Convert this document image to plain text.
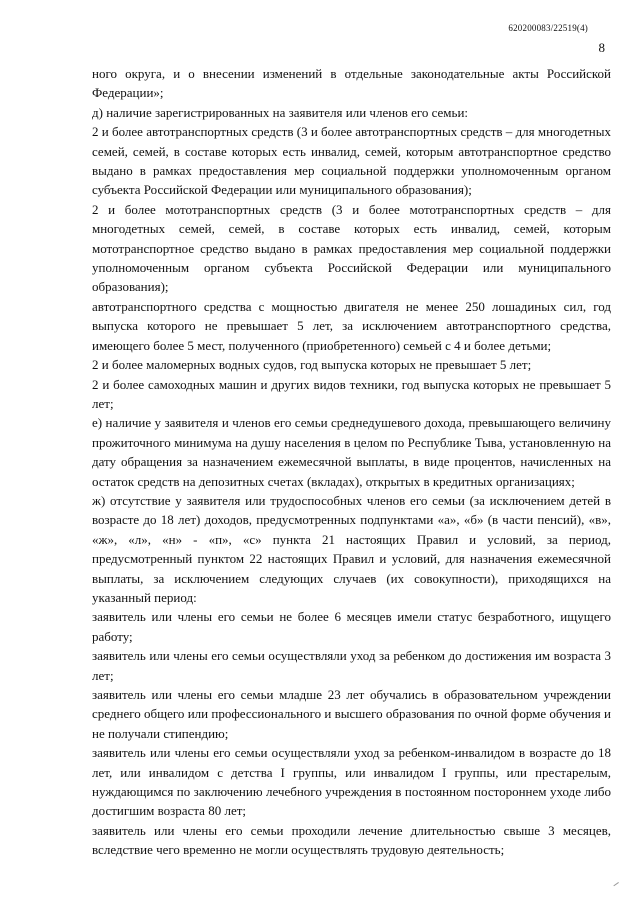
620200083/22519(4)
8

ного округа, и о внесении изменений в отдельные законодательные акты Российской Федерации»;

д) наличие зарегистрированных на заявителя или членов его семьи:

2 и более автотранспортных средств (3 и более автотранспортных средств – для многодетных семей, семей, в составе которых есть инвалид, семей, которым автотранспортное средство выдано в рамках предоставления мер социальной поддержки уполномоченным органом субъекта Российской Федерации или муниципального образования);

2 и более мототранспортных средств (3 и более мототранспортных средств – для многодетных семей, семей, в составе которых есть инвалид, семей, которым мототранспортное средство выдано в рамках предоставления мер социальной поддержки уполномоченным органом субъекта Российской Федерации или муниципального образования);

автотранспортного средства с мощностью двигателя не менее 250 лошадиных сил, год выпуска которого не превышает 5 лет, за исключением автотранспортного средства, имеющего более 5 мест, полученного (приобретенного) семьей с 4 и более детьми;

2 и более маломерных водных судов, год выпуска которых не превышает 5 лет;

2 и более самоходных машин и других видов техники, год выпуска которых не превышает 5 лет;

е) наличие у заявителя и членов его семьи среднедушевого дохода, превышающего величину прожиточного минимума на душу населения в целом по Республике Тыва, установленную на дату обращения за назначением ежемесячной выплаты, в виде процентов, начисленных на остаток средств на депозитных счетах (вкладах), открытых в кредитных организациях;

ж) отсутствие у заявителя или трудоспособных членов его семьи (за исключением детей в возрасте до 18 лет) доходов, предусмотренных подпунктами «а», «б» (в части пенсий), «в», «ж», «л», «н» - «п», «с» пункта 21 настоящих Правил и условий, за период, предусмотренный пунктом 22 настоящих Правил и условий, для назначения ежемесячной выплаты, за исключением следующих случаев (их совокупности), приходящихся на указанный период:

заявитель или члены его семьи не более 6 месяцев имели статус безработного, ищущего работу;

заявитель или члены его семьи осуществляли уход за ребенком до достижения им возраста 3 лет;

заявитель или члены его семьи младше 23 лет обучались в образовательном учреждении среднего общего или профессионального и высшего образования по очной форме обучения и не получали стипендию;

заявитель или члены его семьи осуществляли уход за ребенком-инвалидом в возрасте до 18 лет, или инвалидом с детства I группы, или инвалидом I группы, или престарелым, нуждающимся по заключению лечебного учреждения в постоянном постороннем уходе либо достигшим возраста 80 лет;

заявитель или члены его семьи проходили лечение длительностью свыше 3 месяцев, вследствие чего временно не могли осуществлять трудовую деятельность;
